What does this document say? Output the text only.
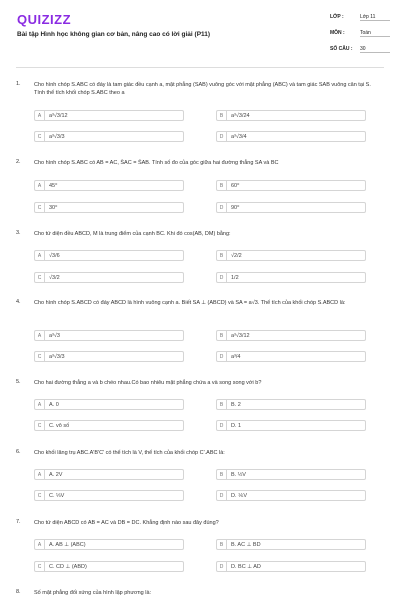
QUIZIZZ
Bài tập Hình học không gian cơ bản, nâng cao có lời giải (P11)
LỚP :	Lớp 11
MÔN :	Toán
SỐ CÂU : 30
1. Cho hình chóp S.ABC có đáy là tam giác đều cạnh a, mặt phẳng (SAB) vuông góc với mặt phẳng (ABC) và tam giác SAB vuông cân tại S. Tính thể tích khối chóp S.ABC theo a
A	a³√3/12	B	a³√3/24
C	a³√3/3	D	a³√3/4
2. Cho hình chóp S.ABC có AB = AC, S̑AC = S̑AB. Tính số đo của góc giữa hai đường thẳng SA và BC
A	45⁰	B	60⁰
C	30⁰	D	90⁰
3. Cho tứ diện đều ABCD, M là trung điểm của cạnh BC. Khi đó cos(AB, DM) bằng:
A	√3/6	B	√2/2
C	√3/2	D	1/2
4. Cho hình chóp S.ABCD có đáy ABCD là hình vuông cạnh a. Biết SA ⊥ (ABCD) và SA = a√3. Thể tích của khối chóp S.ABCD là:
A	a³√3	B	a³√3/12
C	a³√3/3	D	a³/4
5. Cho hai đường thẳng a và b chéo nhau.Có bao nhiêu mặt phẳng chứa a và song song với b?
A	A. 0	B	B. 2
C	C. vô số	D	D. 1
6. Cho khối lăng trụ ABC.A'B'C' có thể tích là V, thể tích của khối chóp C'.ABC là:
A	A. 2V	B	B. ½V
C	C. ⅓V	D	D. ⅙V
7. Cho tứ diện ABCD có AB = AC và DB = DC. Khẳng định nào sau đây đúng?
A	A. AB ⊥ (ABC)	B	B. AC ⊥ BD
C	C. CD ⊥ (ABD)	D	D. BC ⊥ AD
8. Số mặt phẳng đối xứng của hình lập phương là:
